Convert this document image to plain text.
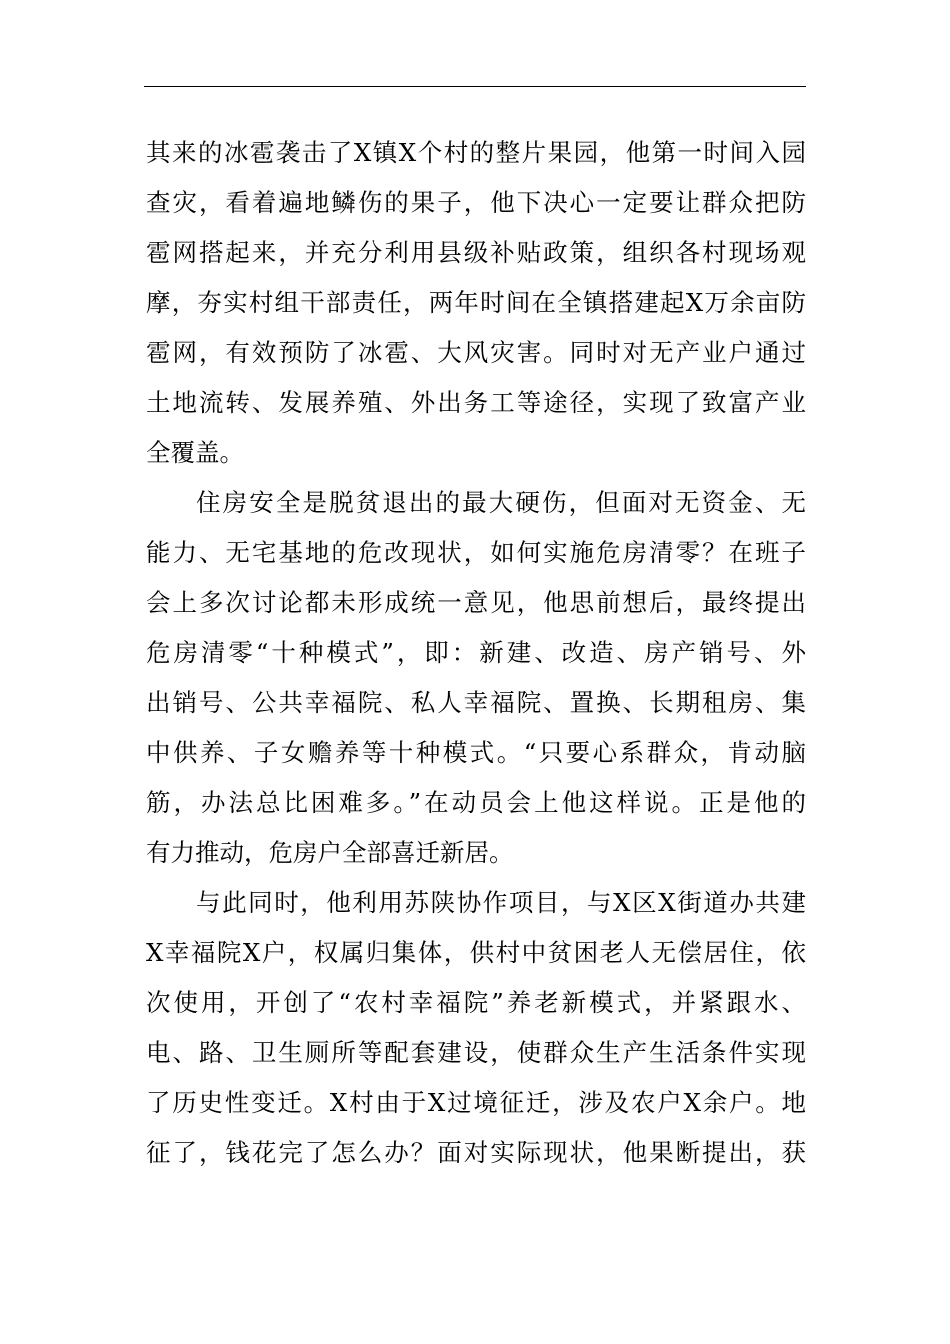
其来的冰雹袭击了X镇X个村的整片果园，他第一时间入园
查灾，看着遍地鳞伤的果子，他下决心一定要让群众把防
雹网搭起来，并充分利用县级补贴政策，组织各村现场观
摩，夯实村组干部责任，两年时间在全镇搭建起X万余亩防
雹网，有效预防了冰雹、大风灾害。同时对无产业户通过
土地流转、发展养殖、外出务工等途径，实现了致富产业
全覆盖。
住房安全是脱贫退出的最大硬伤，但面对无资金、无
能力、无宅基地的危改现状，如何实施危房清零？在班子
会上多次讨论都未形成统一意见，他思前想后，最终提出
危房清零“十种模式”，即：新建、改造、房产销号、外
出销号、公共幸福院、私人幸福院、置换、长期租房、集
中供养、子女赡养等十种模式。“只要心系群众，肯动脑
筋，办法总比困难多。”在动员会上他这样说。正是他的
有力推动，危房户全部喜迁新居。
与此同时，他利用苏陕协作项目，与X区X街道办共建
X幸福院X户，权属归集体，供村中贫困老人无偿居住，依
次使用，开创了“农村幸福院”养老新模式，并紧跟水、
电、路、卫生厕所等配套建设，使群众生产生活条件实现
了历史性变迁。X村由于X过境征迁，涉及农户X余户。地
征了，钱花完了怎么办？面对实际现状，他果断提出，获
